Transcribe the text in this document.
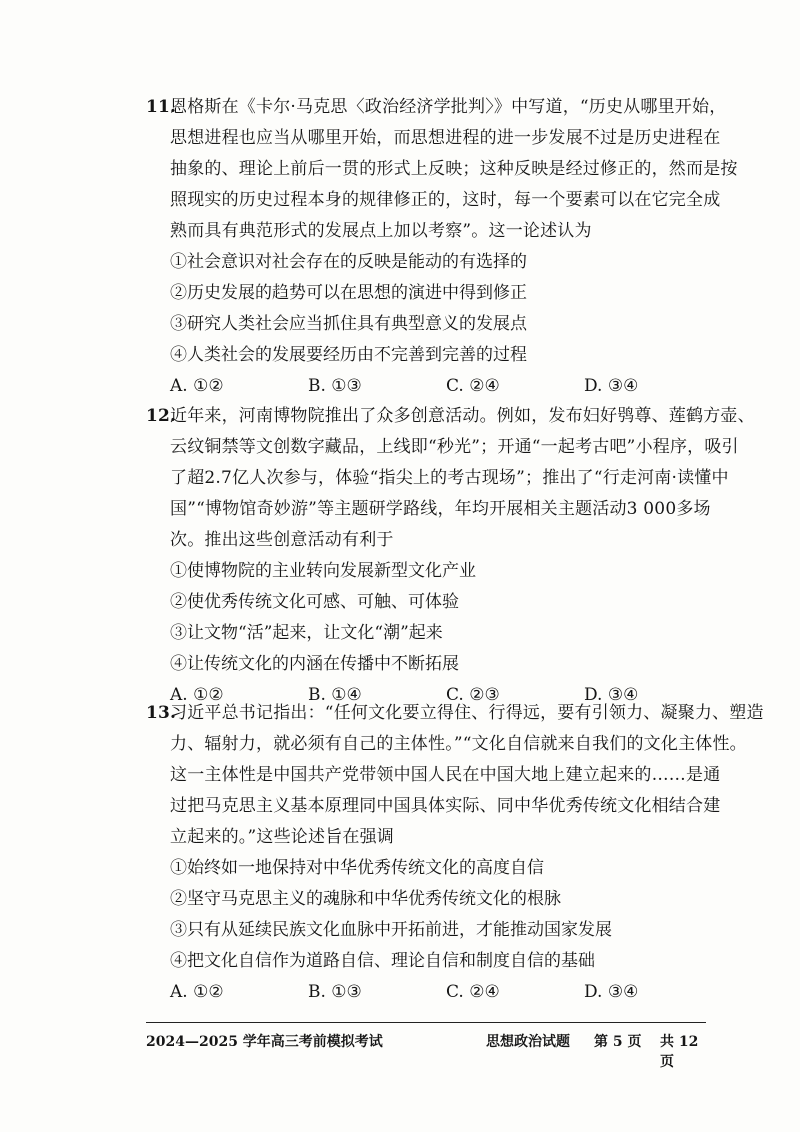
11.恩格斯在《卡尔·马克思〈政治经济学批判〉》中写道，“历史从哪里开始，
思想进程也应当从哪里开始，而思想进程的进一步发展不过是历史进程在
抽象的、理论上前后一贯的形式上反映；这种反映是经过修正的，然而是按
照现实的历史过程本身的规律修正的，这时，每一个要素可以在它完全成
熟而具有典范形式的发展点上加以考察”。这一论述认为
①社会意识对社会存在的反映是能动的有选择的
②历史发展的趋势可以在思想的演进中得到修正
③研究人类社会应当抓住具有典型意义的发展点
④人类社会的发展要经历由不完善到完善的过程
A. ①②	B. ①③	C. ②④	D. ③④
12.近年来，河南博物院推出了众多创意活动。例如，发布妇好鸮尊、莲鹤方壶、
云纹铜禁等文创数字藏品，上线即“秒光”；开通“一起考古吧”小程序，吸引
了超2.7亿人次参与，体验“指尖上的考古现场”；推出了“行走河南·读懂中
国”“博物馆奇妙游”等主题研学路线，年均开展相关主题活动3 000多场
次。推出这些创意活动有利于
①使博物院的主业转向发展新型文化产业
②使优秀传统文化可感、可触、可体验
③让文物“活”起来，让文化“潮”起来
④让传统文化的内涵在传播中不断拓展
A. ①②	B. ①④	C. ②③	D. ③④
13.习近平总书记指出：“任何文化要立得住、行得远，要有引领力、凝聚力、塑造
力、辐射力，就必须有自己的主体性。”“文化自信就来自我们的文化主体性。
这一主体性是中国共产党带领中国人民在中国大地上建立起来的……是通
过把马克思主义基本原理同中国具体实际、同中华优秀传统文化相结合建
立起来的。”这些论述旨在强调
①始终如一地保持对中华优秀传统文化的高度自信
②坚守马克思主义的魂脉和中华优秀传统文化的根脉
③只有从延续民族文化血脉中开拓前进，才能推动国家发展
④把文化自信作为道路自信、理论自信和制度自信的基础
A. ①②	B. ①③	C. ②④	D. ③④
2024—2025 学年高三考前模拟考试	思想政治试题 第 5 页 共 12 页
